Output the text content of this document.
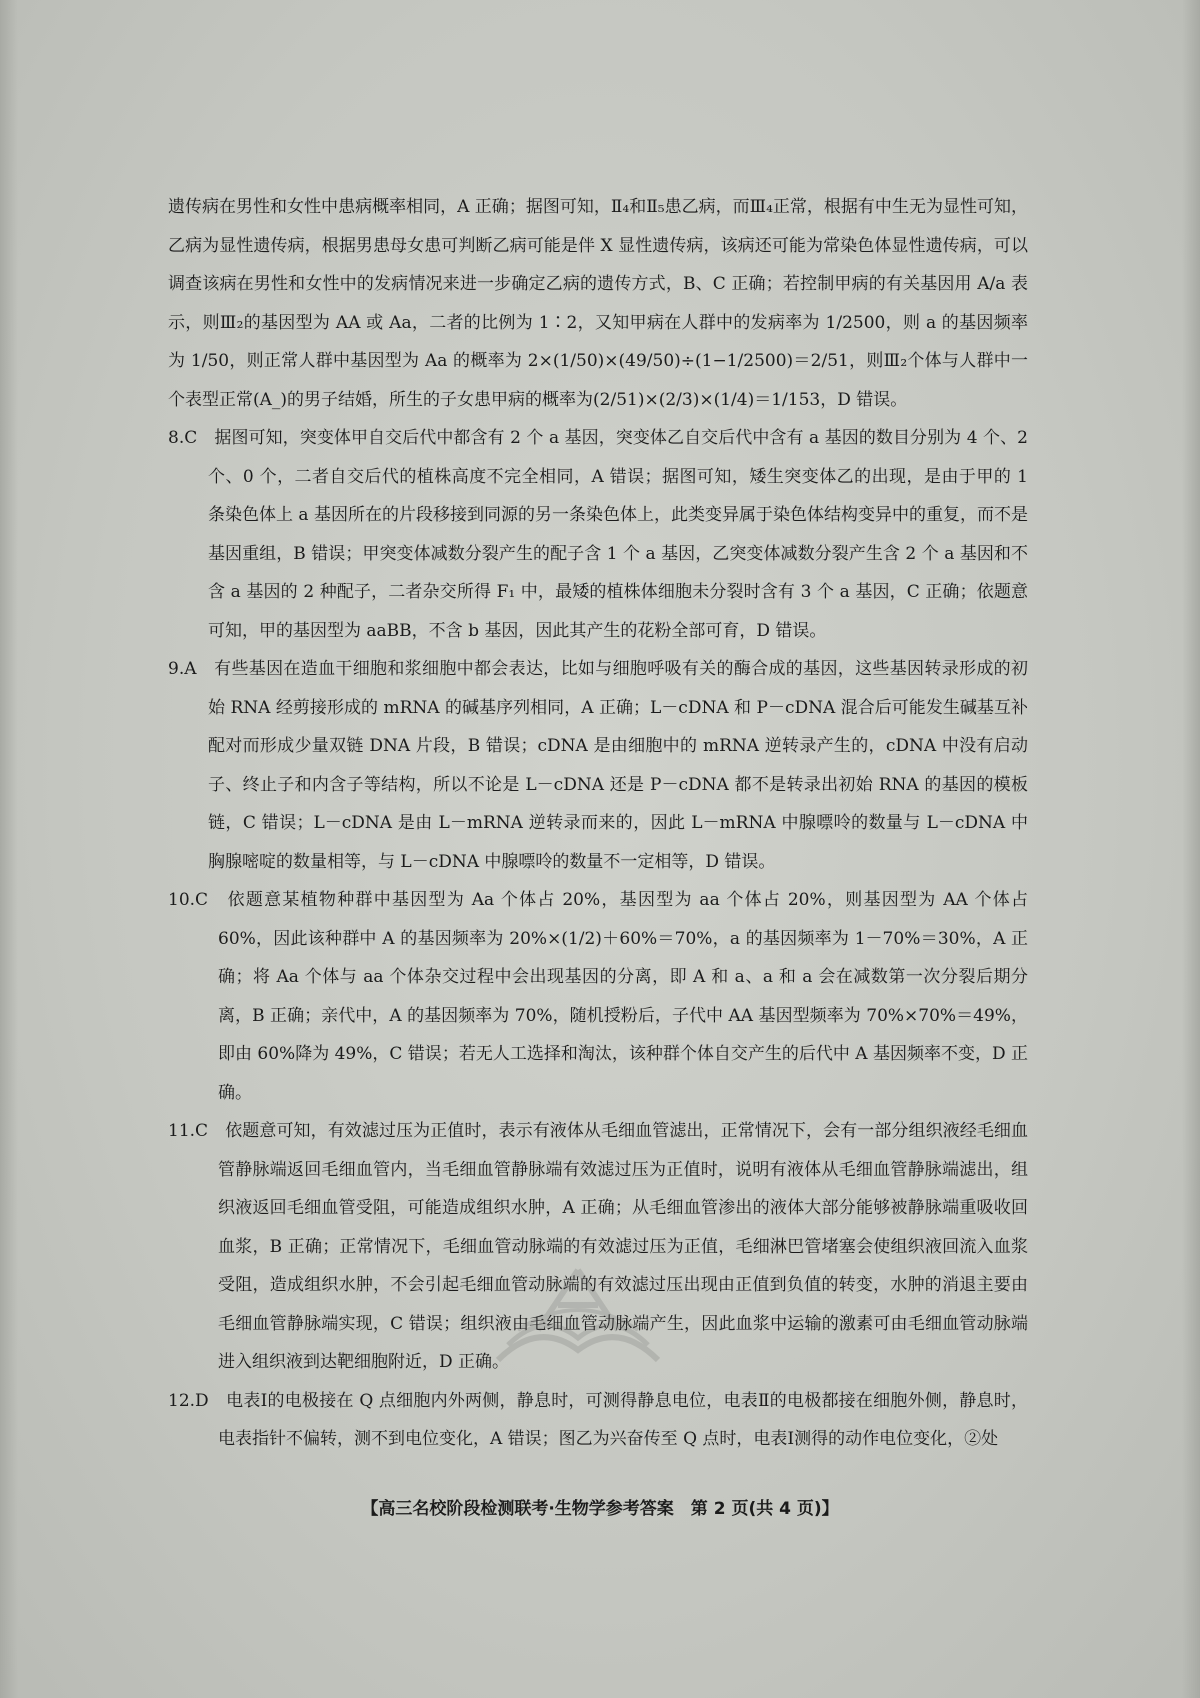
遗传病在男性和女性中患病概率相同，A 正确；据图可知，Ⅱ₄和Ⅱ₅患乙病，而Ⅲ₄正常，根据有中生无为显性可知，乙病为显性遗传病，根据男患母女患可判断乙病可能是伴 X 显性遗传病，该病还可能为常染色体显性遗传病，可以调查该病在男性和女性中的发病情况来进一步确定乙病的遗传方式，B、C 正确；若控制甲病的有关基因用 A/a 表示，则Ⅲ₂的基因型为 AA 或 Aa，二者的比例为 1∶2，又知甲病在人群中的发病率为 1/2500，则 a 的基因频率为 1/50，则正常人群中基因型为 Aa 的概率为 2×(1/50)×(49/50)÷(1−1/2500)＝2/51，则Ⅲ₂个体与人群中一个表型正常(A_)的男子结婚，所生的子女患甲病的概率为(2/51)×(2/3)×(1/4)＝1/153，D 错误。

8.C　据图可知，突变体甲自交后代中都含有 2 个 a 基因，突变体乙自交后代中含有 a 基因的数目分别为 4 个、2 个、0 个，二者自交后代的植株高度不完全相同，A 错误；据图可知，矮生突变体乙的出现，是由于甲的 1 条染色体上 a 基因所在的片段移接到同源的另一条染色体上，此类变异属于染色体结构变异中的重复，而不是基因重组，B 错误；甲突变体减数分裂产生的配子含 1 个 a 基因，乙突变体减数分裂产生含 2 个 a 基因和不含 a 基因的 2 种配子，二者杂交所得 F₁ 中，最矮的植株体细胞未分裂时含有 3 个 a 基因，C 正确；依题意可知，甲的基因型为 aaBB，不含 b 基因，因此其产生的花粉全部可育，D 错误。

9.A　有些基因在造血干细胞和浆细胞中都会表达，比如与细胞呼吸有关的酶合成的基因，这些基因转录形成的初始 RNA 经剪接形成的 mRNA 的碱基序列相同，A 正确；L－cDNA 和 P－cDNA 混合后可能发生碱基互补配对而形成少量双链 DNA 片段，B 错误；cDNA 是由细胞中的 mRNA 逆转录产生的，cDNA 中没有启动子、终止子和内含子等结构，所以不论是 L－cDNA 还是 P－cDNA 都不是转录出初始 RNA 的基因的模板链，C 错误；L－cDNA 是由 L－mRNA 逆转录而来的，因此 L－mRNA 中腺嘌呤的数量与 L－cDNA 中胸腺嘧啶的数量相等，与 L－cDNA 中腺嘌呤的数量不一定相等，D 错误。

10.C　依题意某植物种群中基因型为 Aa 个体占 20%，基因型为 aa 个体占 20%，则基因型为 AA 个体占 60%，因此该种群中 A 的基因频率为 20%×(1/2)＋60%＝70%，a 的基因频率为 1－70%＝30%，A 正确；将 Aa 个体与 aa 个体杂交过程中会出现基因的分离，即 A 和 a、a 和 a 会在减数第一次分裂后期分离，B 正确；亲代中，A 的基因频率为 70%，随机授粉后，子代中 AA 基因型频率为 70%×70%＝49%，即由 60%降为 49%，C 错误；若无人工选择和淘汰，该种群个体自交产生的后代中 A 基因频率不变，D 正确。

11.C　依题意可知，有效滤过压为正值时，表示有液体从毛细血管滤出，正常情况下，会有一部分组织液经毛细血管静脉端返回毛细血管内，当毛细血管静脉端有效滤过压为正值时，说明有液体从毛细血管静脉端滤出，组织液返回毛细血管受阻，可能造成组织水肿，A 正确；从毛细血管渗出的液体大部分能够被静脉端重吸收回血浆，B 正确；正常情况下，毛细血管动脉端的有效滤过压为正值，毛细淋巴管堵塞会使组织液回流入血浆受阻，造成组织水肿，不会引起毛细血管动脉端的有效滤过压出现由正值到负值的转变，水肿的消退主要由毛细血管静脉端实现，C 错误；组织液由毛细血管动脉端产生，因此血浆中运输的激素可由毛细血管动脉端进入组织液到达靶细胞附近，D 正确。

12.D　电表Ⅰ的电极接在 Q 点细胞内外两侧，静息时，可测得静息电位，电表Ⅱ的电极都接在细胞外侧，静息时，电表指针不偏转，测不到电位变化，A 错误；图乙为兴奋传至 Q 点时，电表Ⅰ测得的动作电位变化，②处

【高三名校阶段检测联考·生物学参考答案　第 2 页(共 4 页)】
